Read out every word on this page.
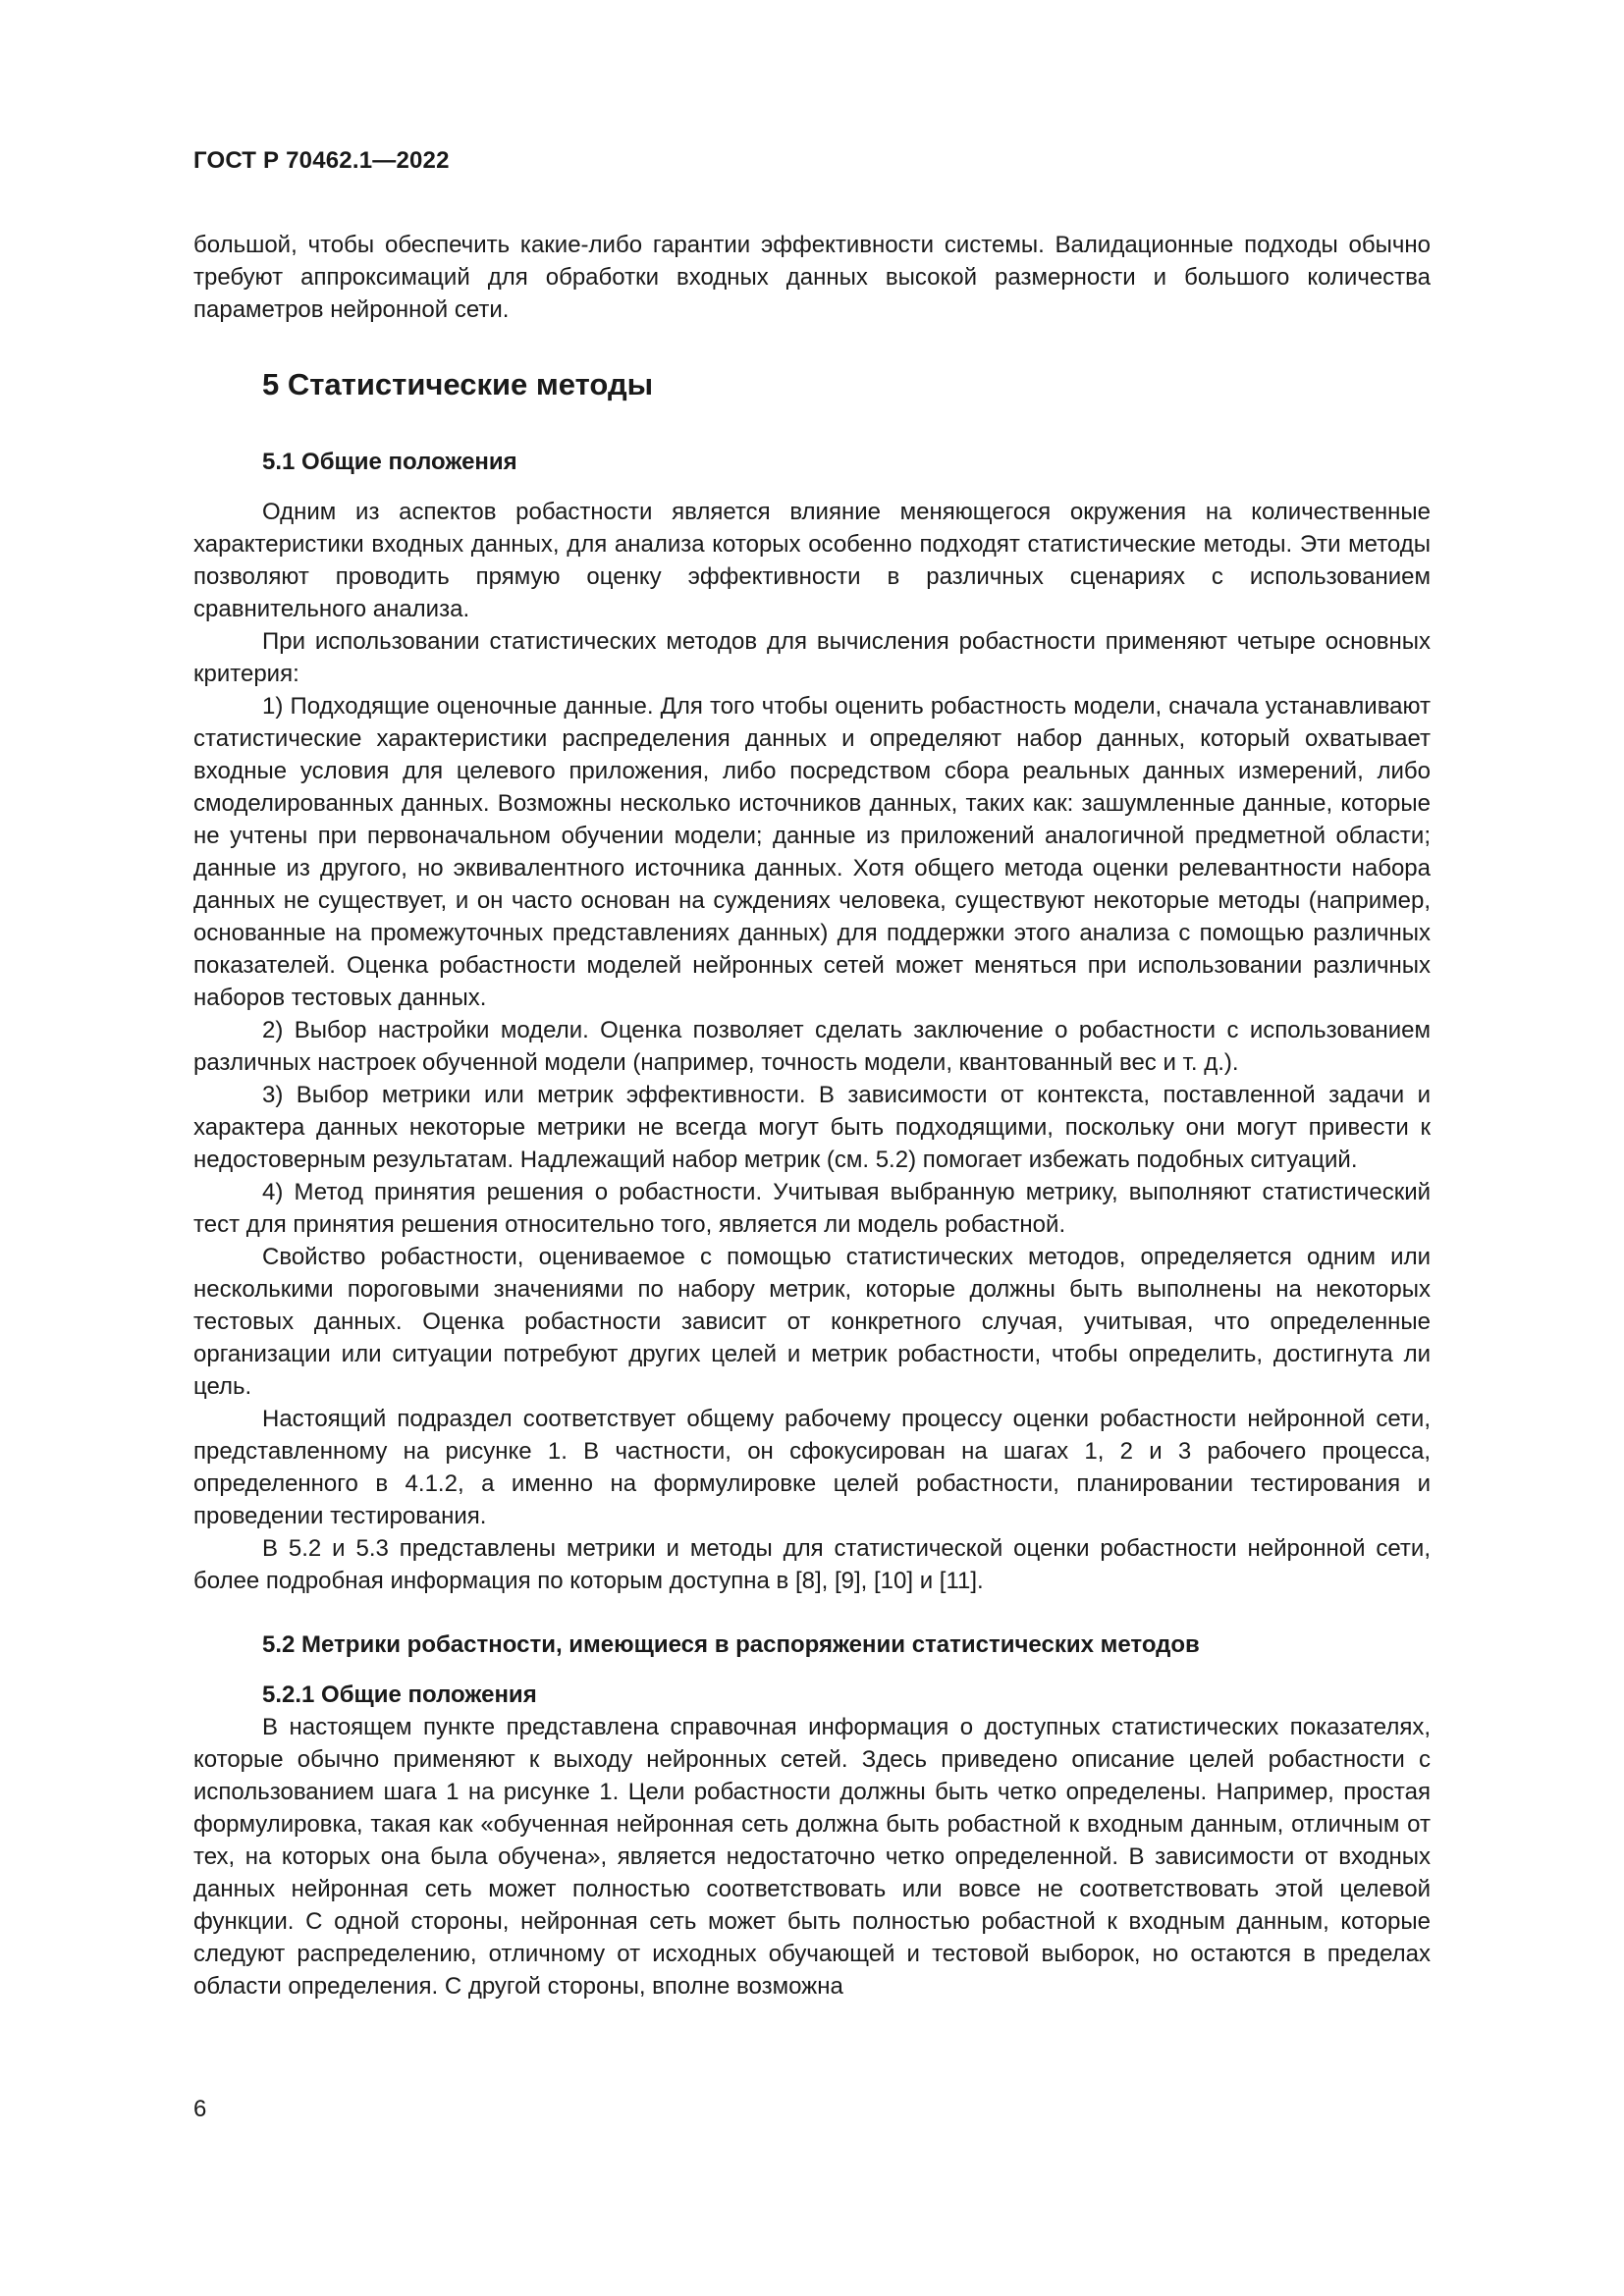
ГОСТ Р 70462.1—2022

большой, чтобы обеспечить какие-либо гарантии эффективности системы. Валидационные подходы обычно требуют аппроксимаций для обработки входных данных высокой размерности и большого количества параметров нейронной сети.

5 Статистические методы
5.1 Общие положения

Одним из аспектов робастности является влияние меняющегося окружения на количественные характеристики входных данных, для анализа которых особенно подходят статистические методы. Эти методы позволяют проводить прямую оценку эффективности в различных сценариях с использованием сравнительного анализа.

При использовании статистических методов для вычисления робастности применяют четыре основных критерия:

1) Подходящие оценочные данные. Для того чтобы оценить робастность модели, сначала устанавливают статистические характеристики распределения данных и определяют набор данных, который охватывает входные условия для целевого приложения, либо посредством сбора реальных данных измерений, либо смоделированных данных. Возможны несколько источников данных, таких как: зашумленные данные, которые не учтены при первоначальном обучении модели; данные из приложений аналогичной предметной области; данные из другого, но эквивалентного источника данных. Хотя общего метода оценки релевантности набора данных не существует, и он часто основан на суждениях человека, существуют некоторые методы (например, основанные на промежуточных представлениях данных) для поддержки этого анализа с помощью различных показателей. Оценка робастности моделей нейронных сетей может меняться при использовании различных наборов тестовых данных.

2) Выбор настройки модели. Оценка позволяет сделать заключение о робастности с использованием различных настроек обученной модели (например, точность модели, квантованный вес и т. д.).

3) Выбор метрики или метрик эффективности. В зависимости от контекста, поставленной задачи и характера данных некоторые метрики не всегда могут быть подходящими, поскольку они могут привести к недостоверным результатам. Надлежащий набор метрик (см. 5.2) помогает избежать подобных ситуаций.

4) Метод принятия решения о робастности. Учитывая выбранную метрику, выполняют статистический тест для принятия решения относительно того, является ли модель робастной.

Свойство робастности, оцениваемое с помощью статистических методов, определяется одним или несколькими пороговыми значениями по набору метрик, которые должны быть выполнены на некоторых тестовых данных. Оценка робастности зависит от конкретного случая, учитывая, что определенные организации или ситуации потребуют других целей и метрик робастности, чтобы определить, достигнута ли цель.

Настоящий подраздел соответствует общему рабочему процессу оценки робастности нейронной сети, представленному на рисунке 1. В частности, он сфокусирован на шагах 1, 2 и 3 рабочего процесса, определенного в 4.1.2, а именно на формулировке целей робастности, планировании тестирования и проведении тестирования.

В 5.2 и 5.3 представлены метрики и методы для статистической оценки робастности нейронной сети, более подробная информация по которым доступна в [8], [9], [10] и [11].

5.2 Метрики робастности, имеющиеся в распоряжении статистических методов
5.2.1 Общие положения

В настоящем пункте представлена справочная информация о доступных статистических показателях, которые обычно применяют к выходу нейронных сетей. Здесь приведено описание целей робастности с использованием шага 1 на рисунке 1. Цели робастности должны быть четко определены. Например, простая формулировка, такая как «обученная нейронная сеть должна быть робастной к входным данным, отличным от тех, на которых она была обучена», является недостаточно четко определенной. В зависимости от входных данных нейронная сеть может полностью соответствовать или вовсе не соответствовать этой целевой функции. С одной стороны, нейронная сеть может быть полностью робастной к входным данным, которые следуют распределению, отличному от исходных обучающей и тестовой выборок, но остаются в пределах области определения. С другой стороны, вполне возможна

6
